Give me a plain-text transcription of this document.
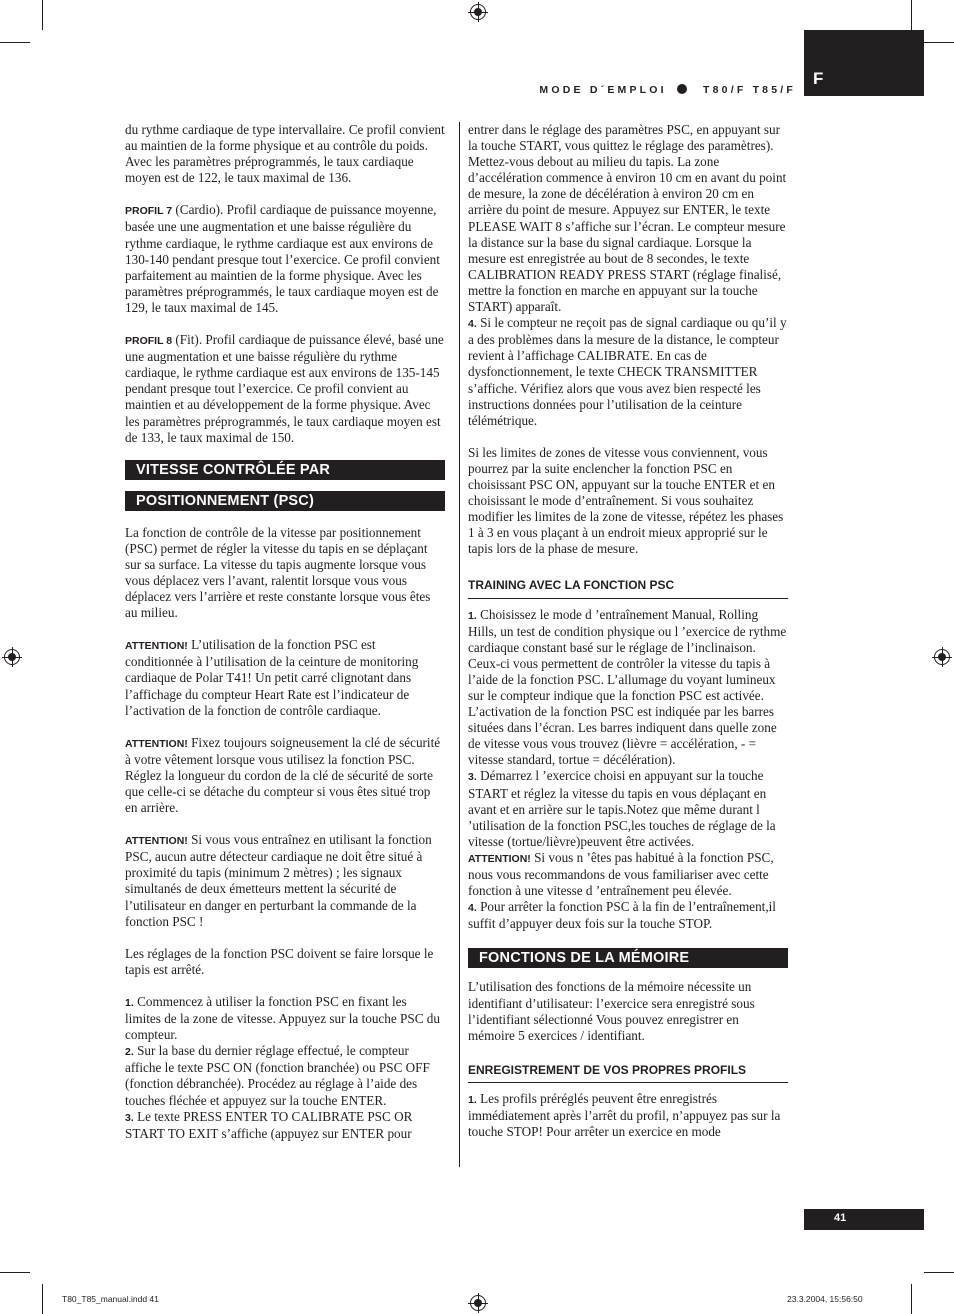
F
MODE D´EMPLOI	T80/F T85/F

du rythme cardiaque de type intervallaire. Ce profil convient au maintien de la forme physique et au contrôle du poids. Avec les paramètres préprogrammés, le taux cardiaque moyen est de 122, le taux maximal de 136.

PROFIL 7 (Cardio). Profil cardiaque de puissance moyenne, basée une une augmentation et une baisse régulière du rythme cardiaque, le rythme cardiaque est aux environs de 130-140 pendant presque tout l’exercice. Ce profil convient parfaitement au maintien de la forme physique. Avec les paramètres préprogrammés, le taux cardiaque moyen est de 129, le taux maximal de 145.

PROFIL 8 (Fit). Profil cardiaque de puissance élevé, basé une une augmentation et une baisse régulière du rythme cardiaque, le rythme cardiaque est aux environs de 135-145 pendant presque tout l’exercice. Ce profil convient au maintien et au développement de la forme physique. Avec les paramètres préprogrammés, le taux cardiaque moyen est de 133, le taux maximal de 150.

VITESSE CONTRÔLÉE PAR
POSITIONNEMENT (PSC)

La fonction de contrôle de la vitesse par positionnement (PSC) permet de régler la vitesse du tapis en se déplaçant sur sa surface. La vitesse du tapis augmente lorsque vous vous déplacez vers l’avant, ralentit lorsque vous vous déplacez vers l’arrière et reste constante lorsque vous êtes au milieu.

ATTENTION! L’utilisation de la fonction PSC est conditionnée à l’utilisation de la ceinture de monitoring cardiaque de Polar T41! Un petit carré clignotant dans l’affichage du compteur Heart Rate est l’indicateur de l’activation de la fonction de contrôle cardiaque.

ATTENTION! Fixez toujours soigneusement la clé de sécurité à votre vêtement lorsque vous utilisez la fonction PSC. Réglez la longueur du cordon de la clé de sécurité de sorte que celle-ci se détache du compteur si vous êtes situé trop en arrière.

ATTENTION! Si vous vous entraînez en utilisant la fonction PSC, aucun autre détecteur cardiaque ne doit être situé à proximité du tapis (minimum 2 mètres) ; les signaux simultanés de deux émetteurs mettent la sécurité de l’utilisateur en danger en perturbant la commande de la fonction PSC !

Les réglages de la fonction PSC doivent se faire lorsque le tapis est arrêté.

1. Commencez à utiliser la fonction PSC en fixant les limites de la zone de vitesse. Appuyez sur la touche PSC du compteur.

2. Sur la base du dernier réglage effectué, le compteur affiche le texte PSC ON (fonction branchée) ou PSC OFF (fonction débranchée). Procédez au réglage à l’aide des touches fléchée et appuyez sur la touche ENTER.

3. Le texte PRESS ENTER TO CALIBRATE PSC OR START TO EXIT s’affiche (appuyez sur ENTER pour

entrer dans le réglage des paramètres PSC, en appuyant sur la touche START, vous quittez le réglage des paramètres). Mettez-vous debout au milieu du tapis. La zone d’accélération commence à environ 10 cm en avant du point de mesure, la zone de décélération à environ 20 cm en arrière du point de mesure. Appuyez sur ENTER, le texte PLEASE WAIT 8 s’affiche sur l’écran. Le compteur mesure la distance sur la base du signal cardiaque. Lorsque la mesure est enregistrée au bout de 8 secondes, le texte CALIBRATION READY PRESS START (réglage finalisé, mettre la fonction en marche en appuyant sur la touche START) apparaît.

4. Si le compteur ne reçoit pas de signal cardiaque ou qu’il y a des problèmes dans la mesure de la distance, le compteur revient à l’affichage CALIBRATE. En cas de dysfonctionnement, le texte CHECK TRANSMITTER s’affiche. Vérifiez alors que vous avez bien respecté les instructions données pour l’utilisation de la ceinture télémétrique.

Si les limites de zones de vitesse vous conviennent, vous pourrez par la suite enclencher la fonction PSC en choisissant PSC ON, appuyant sur la touche ENTER et en choisissant le mode d’entraînement. Si vous souhaitez modifier les limites de la zone de vitesse, répétez les phases 1 à 3 en vous plaçant à un endroit mieux approprié sur le tapis lors de la phase de mesure.

TRAINING AVEC LA FONCTION PSC

1. Choisissez le mode d ’entraînement Manual, Rolling Hills, un test de condition physique ou l ’exercice de rythme cardiaque constant basé sur le réglage de l’inclinaison. Ceux-ci vous permettent de contrôler la vitesse du tapis à l’aide de la fonction PSC. L’allumage du voyant lumineux sur le compteur indique que la fonction PSC est activée. L’activation de la fonction PSC est indiquée par les barres situées dans l’écran. Les barres indiquent dans quelle zone de vitesse vous vous trouvez (lièvre = accélération, - = vitesse standard, tortue = décélération).

3. Démarrez l ’exercice choisi en appuyant sur la touche START et réglez la vitesse du tapis en vous déplaçant en avant et en arrière sur le tapis.Notez que même durant l ’utilisation de la fonction PSC,les touches de réglage de la vitesse (tortue/lièvre)peuvent être activées.

ATTENTION! Si vous n ’êtes pas habitué à la fonction PSC, nous vous recommandons de vous familiariser avec cette fonction à une vitesse d ’entraînement peu élevée.

4. Pour arrêter la fonction PSC à la fin de l’entraînement,il suffit d’appuyer deux fois sur la touche STOP.

FONCTIONS DE LA MÉMOIRE

L’utilisation des fonctions de la mémoire nécessite un identifiant d’utilisateur: l’exercice sera enregistré sous l’identifiant sélectionné Vous pouvez enregistrer en mémoire 5 exercices / identifiant.

ENREGISTREMENT DE VOS PROPRES PROFILS

1. Les profils préréglés peuvent être enregistrés immédiatement après l’arrêt du profil, n’appuyez pas sur la touche STOP! Pour arrêter un exercice en mode

41
T80_T85_manual.indd 41	23.3.2004, 15:56:50
